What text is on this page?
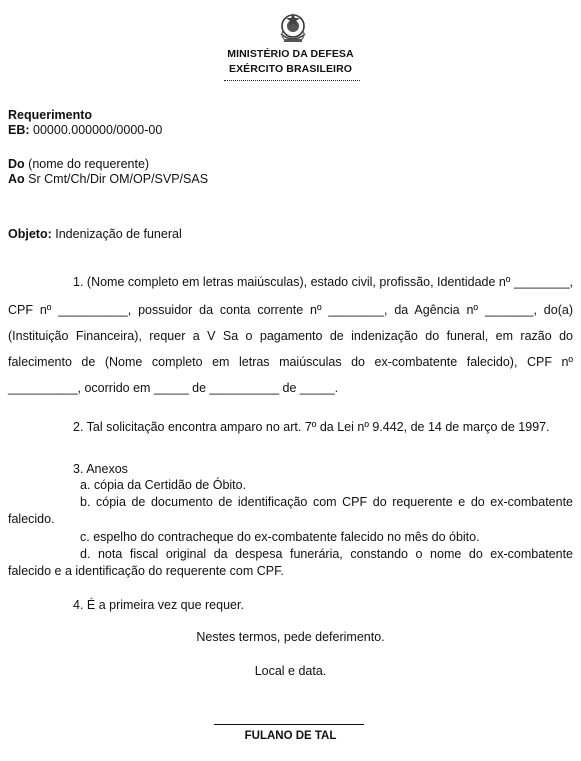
MINISTÉRIO DA DEFESA
EXÉRCITO BRASILEIRO
Requerimento
EB: 00000.000000/0000-00
Do (nome do requerente)
Ao Sr Cmt/Ch/Dir OM/OP/SVP/SAS
Objeto: Indenização de funeral
1. (Nome completo em letras maiúsculas), estado civil, profissão, Identidade nº ________,
CPF nº __________, possuidor da conta corrente nº ________, da Agência nº _______, do(a)
(Instituição Financeira), requer a V Sa o pagamento de indenização do funeral, em razão do
falecimento de (Nome completo em letras maiúsculas do ex-combatente falecido), CPF nº
__________, ocorrido em _____ de __________ de _____.
2. Tal solicitação encontra amparo no art. 7º da Lei nº 9.442, de 14 de março de 1997.
3. Anexos
a. cópia da Certidão de Óbito.
b. cópia de documento de identificação com CPF do requerente e do ex-combatente
falecido.
c. espelho do contracheque do ex-combatente falecido no mês do óbito.
d. nota fiscal original da despesa funerária, constando o nome do ex-combatente
falecido e a identificação do requerente com CPF.
4. É a primeira vez que requer.
Nestes termos, pede deferimento.
Local e data.
FULANO DE TAL
